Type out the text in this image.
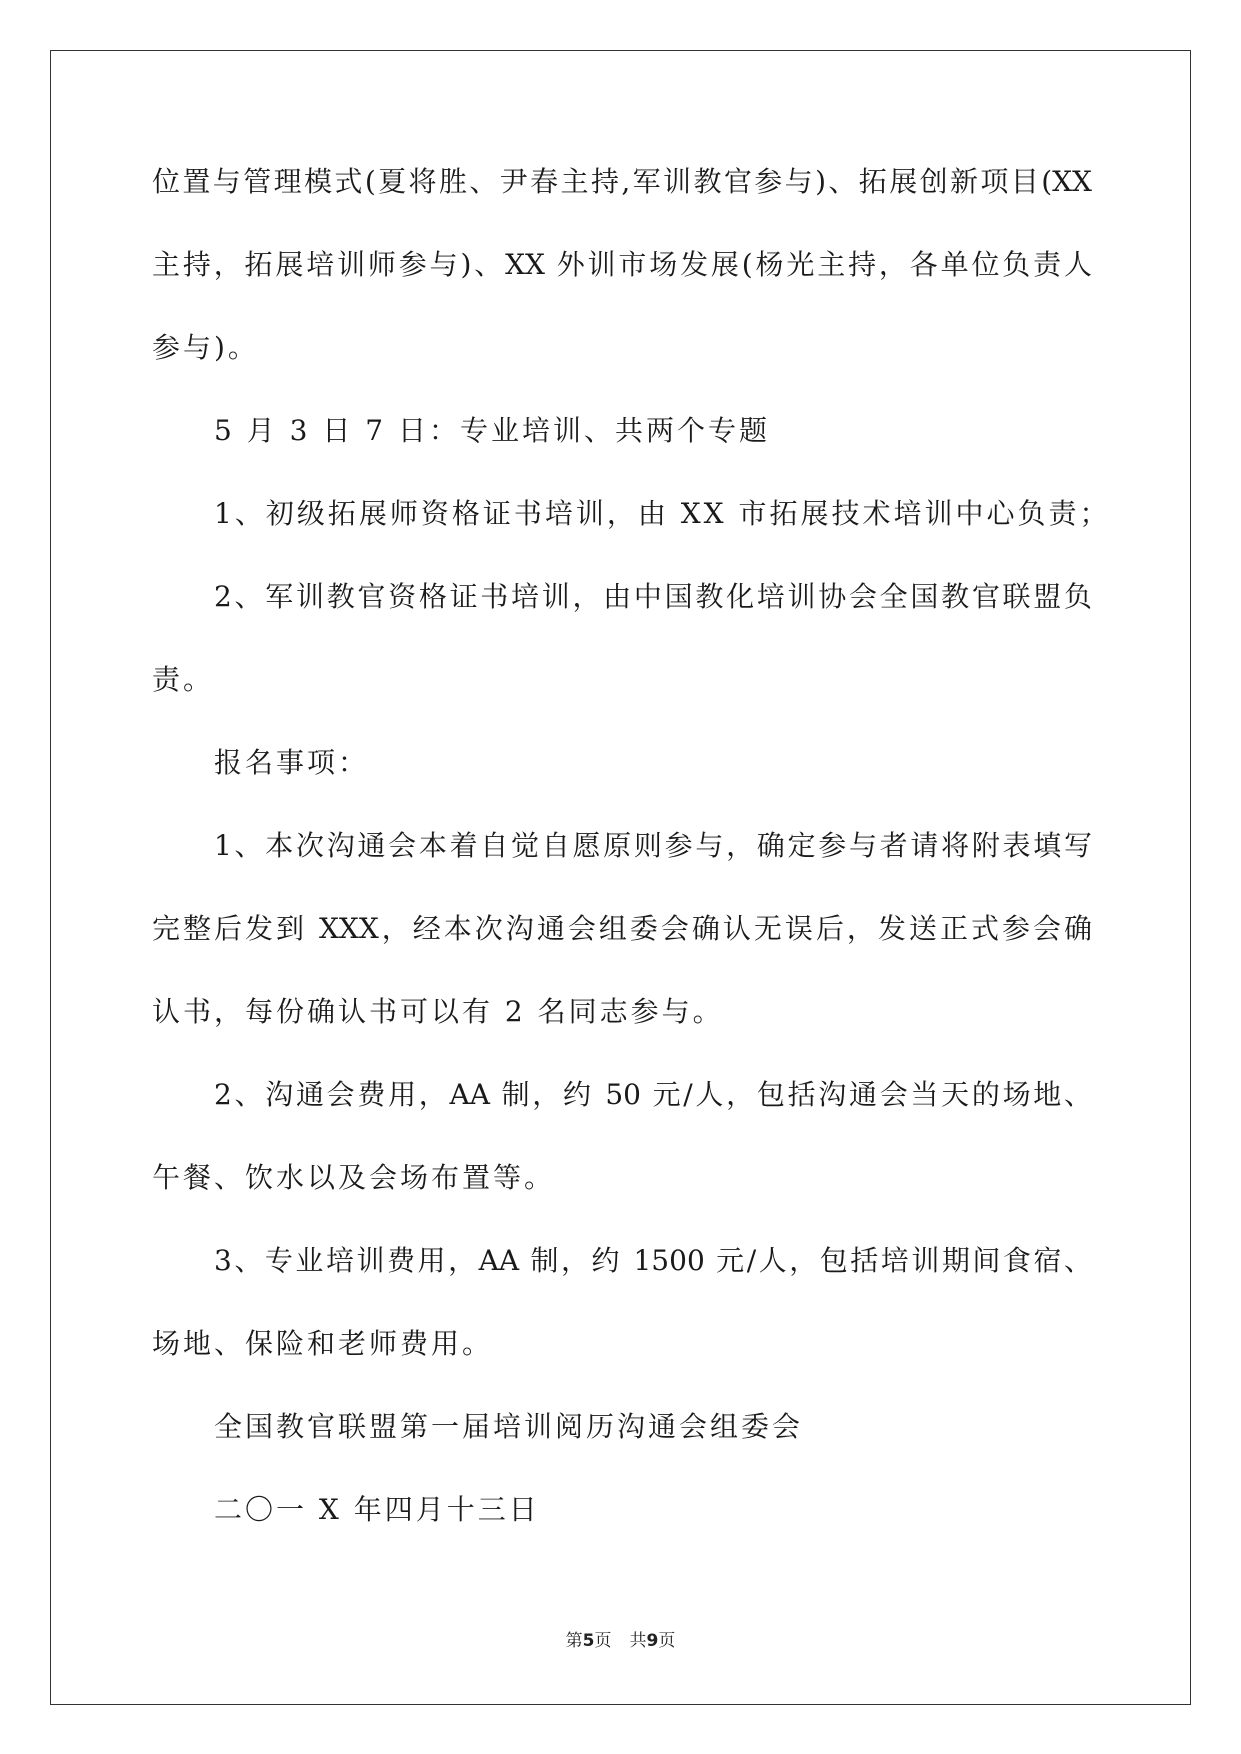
位置与管理模式(夏将胜、尹春主持,军训教官参与)、拓展创新项目(XX
主持，拓展培训师参与)、XX 外训市场发展(杨光主持，各单位负责人
参与)。
5 月 3 日 7 日：专业培训、共两个专题
1、初级拓展师资格证书培训，由 XX 市拓展技术培训中心负责；
2、军训教官资格证书培训，由中国教化培训协会全国教官联盟负
责。
报名事项：
1、本次沟通会本着自觉自愿原则参与，确定参与者请将附表填写
完整后发到 XXX，经本次沟通会组委会确认无误后，发送正式参会确
认书，每份确认书可以有 2 名同志参与。
2、沟通会费用，AA 制，约 50 元/人，包括沟通会当天的场地、
午餐、饮水以及会场布置等。
3、专业培训费用，AA 制，约 1500 元/人，包括培训期间食宿、
场地、保险和老师费用。
全国教官联盟第一届培训阅历沟通会组委会
二〇一 X 年四月十三日
第5页 共9页
